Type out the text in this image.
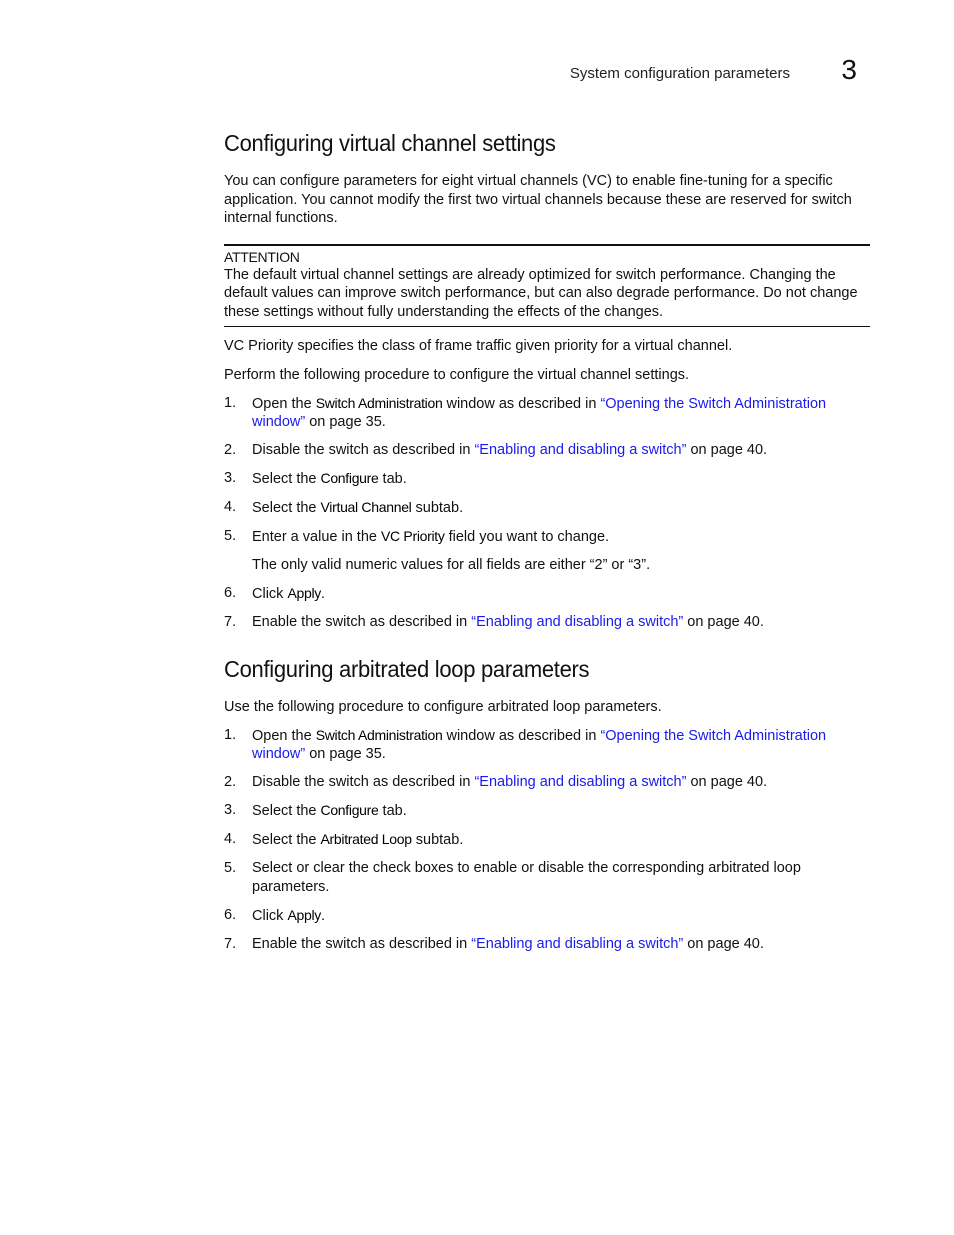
System configuration parameters 3
Configuring virtual channel settings

You can configure parameters for eight virtual channels (VC) to enable fine-tuning for a specific application. You cannot modify the first two virtual channels because these are reserved for switch internal functions.

ATTENTION
The default virtual channel settings are already optimized for switch performance. Changing the default values can improve switch performance, but can also degrade performance. Do not change these settings without fully understanding the effects of the changes.

VC Priority specifies the class of frame traffic given priority for a virtual channel.

Perform the following procedure to configure the virtual channel settings.

1. Open the Switch Administration window as described in “Opening the Switch Administration window” on page 35.
2. Disable the switch as described in “Enabling and disabling a switch” on page 40.
3. Select the Configure tab.
4. Select the Virtual Channel subtab.
5. Enter a value in the VC Priority field you want to change.
The only valid numeric values for all fields are either “2” or “3”.
6. Click Apply.
7. Enable the switch as described in “Enabling and disabling a switch” on page 40.
Configuring arbitrated loop parameters

Use the following procedure to configure arbitrated loop parameters.

1. Open the Switch Administration window as described in “Opening the Switch Administration window” on page 35.
2. Disable the switch as described in “Enabling and disabling a switch” on page 40.
3. Select the Configure tab.
4. Select the Arbitrated Loop subtab.
5. Select or clear the check boxes to enable or disable the corresponding arbitrated loop parameters.
6. Click Apply.
7. Enable the switch as described in “Enabling and disabling a switch” on page 40.
